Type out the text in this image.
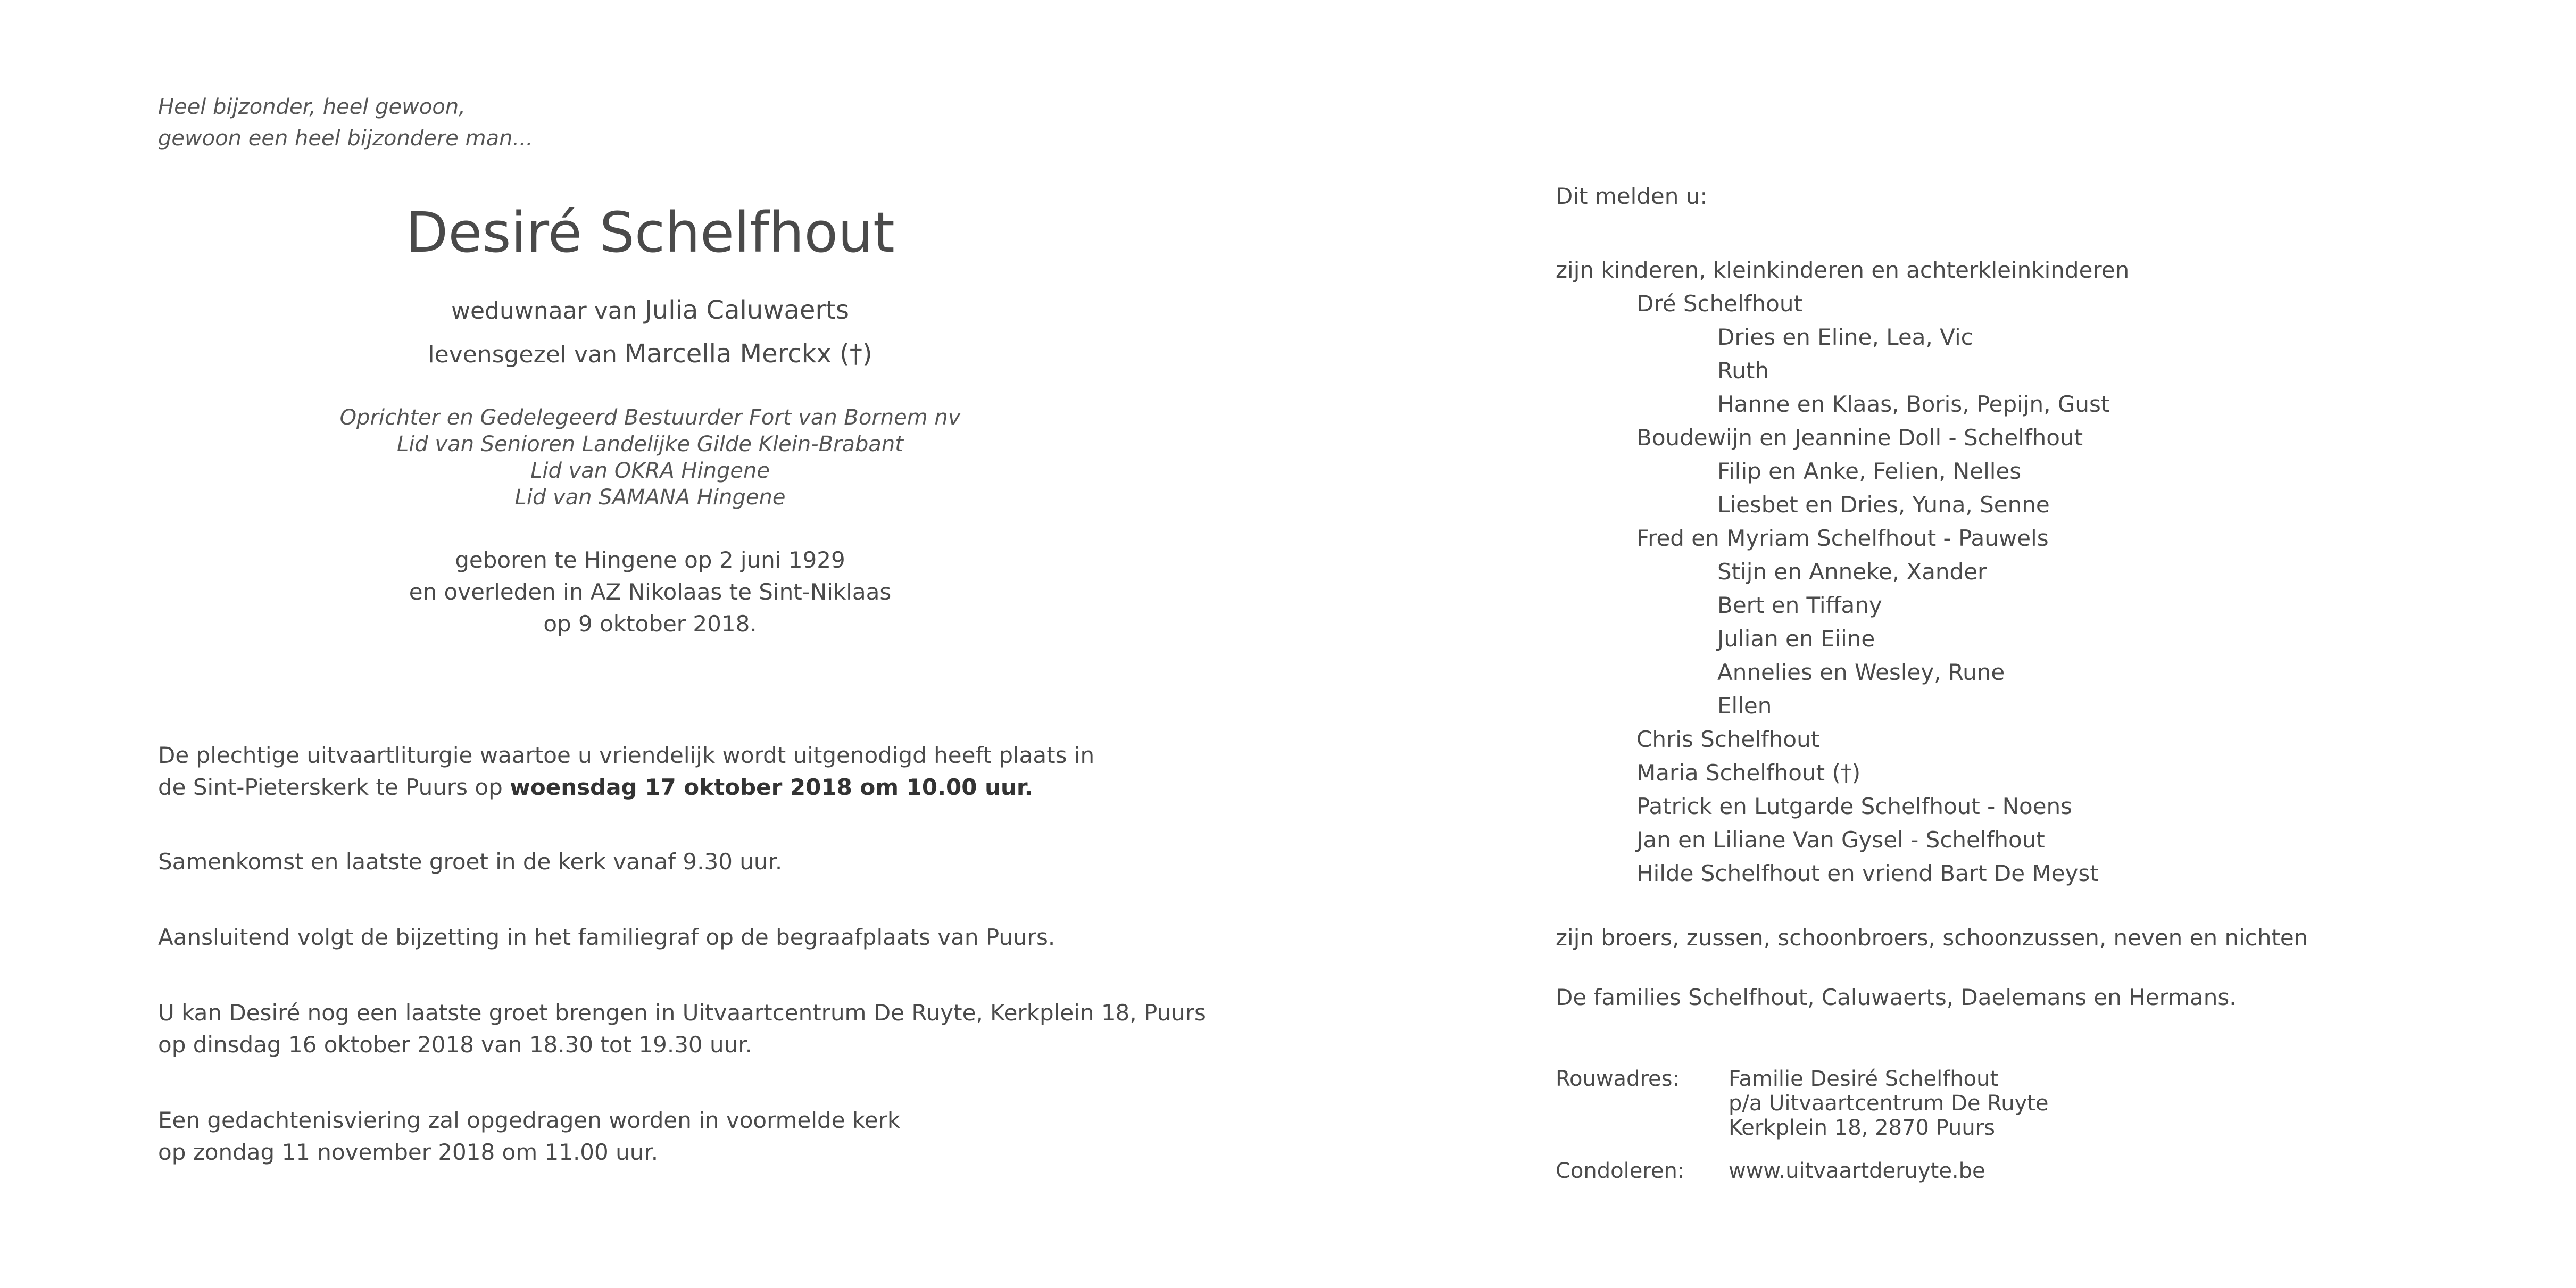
Heel bijzonder, heel gewoon,
gewoon een heel bijzondere man...
Desiré Schelfhout
weduwnaar van Julia Caluwaerts
levensgezel van Marcella Merckx (†)
Oprichter en Gedelegeerd Bestuurder Fort van Bornem nv
Lid van Senioren Landelijke Gilde Klein-Brabant
Lid van OKRA Hingene
Lid van SAMANA Hingene
geboren te Hingene op 2 juni 1929
en overleden in AZ Nikolaas te Sint-Niklaas
op 9 oktober 2018.
De plechtige uitvaartliturgie waartoe u vriendelijk wordt uitgenodigd heeft plaats in
de Sint-Pieterskerk te Puurs op woensdag 17 oktober 2018 om 10.00 uur.
Samenkomst en laatste groet in de kerk vanaf 9.30 uur.
Aansluitend volgt de bijzetting in het familiegraf op de begraafplaats van Puurs.
U kan Desiré nog een laatste groet brengen in Uitvaartcentrum De Ruyte, Kerkplein 18, Puurs
op dinsdag 16 oktober 2018 van 18.30 tot 19.30 uur.
Een gedachtenisviering zal opgedragen worden in voormelde kerk
op zondag 11 november 2018 om 11.00 uur.
Dit melden u:
zijn kinderen, kleinkinderen en achterkleinkinderen
Dré Schelfhout
Dries en Eline, Lea, Vic
Ruth
Hanne en Klaas, Boris, Pepijn, Gust
Boudewijn en Jeannine Doll - Schelfhout
Filip en Anke, Felien, Nelles
Liesbet en Dries, Yuna, Senne
Fred en Myriam Schelfhout - Pauwels
Stijn en Anneke, Xander
Bert en Tiffany
Julian en Eiine
Annelies en Wesley, Rune
Ellen
Chris Schelfhout
Maria Schelfhout (†)
Patrick en Lutgarde Schelfhout - Noens
Jan en Liliane Van Gysel - Schelfhout
Hilde Schelfhout en vriend Bart De Meyst
zijn broers, zussen, schoonbroers, schoonzussen, neven en nichten
De families Schelfhout, Caluwaerts, Daelemans en Hermans.
Rouwadres: Familie Desiré Schelfhout
p/a Uitvaartcentrum De Ruyte
Kerkplein 18, 2870 Puurs
Condoleren: www.uitvaartderuyte.be
